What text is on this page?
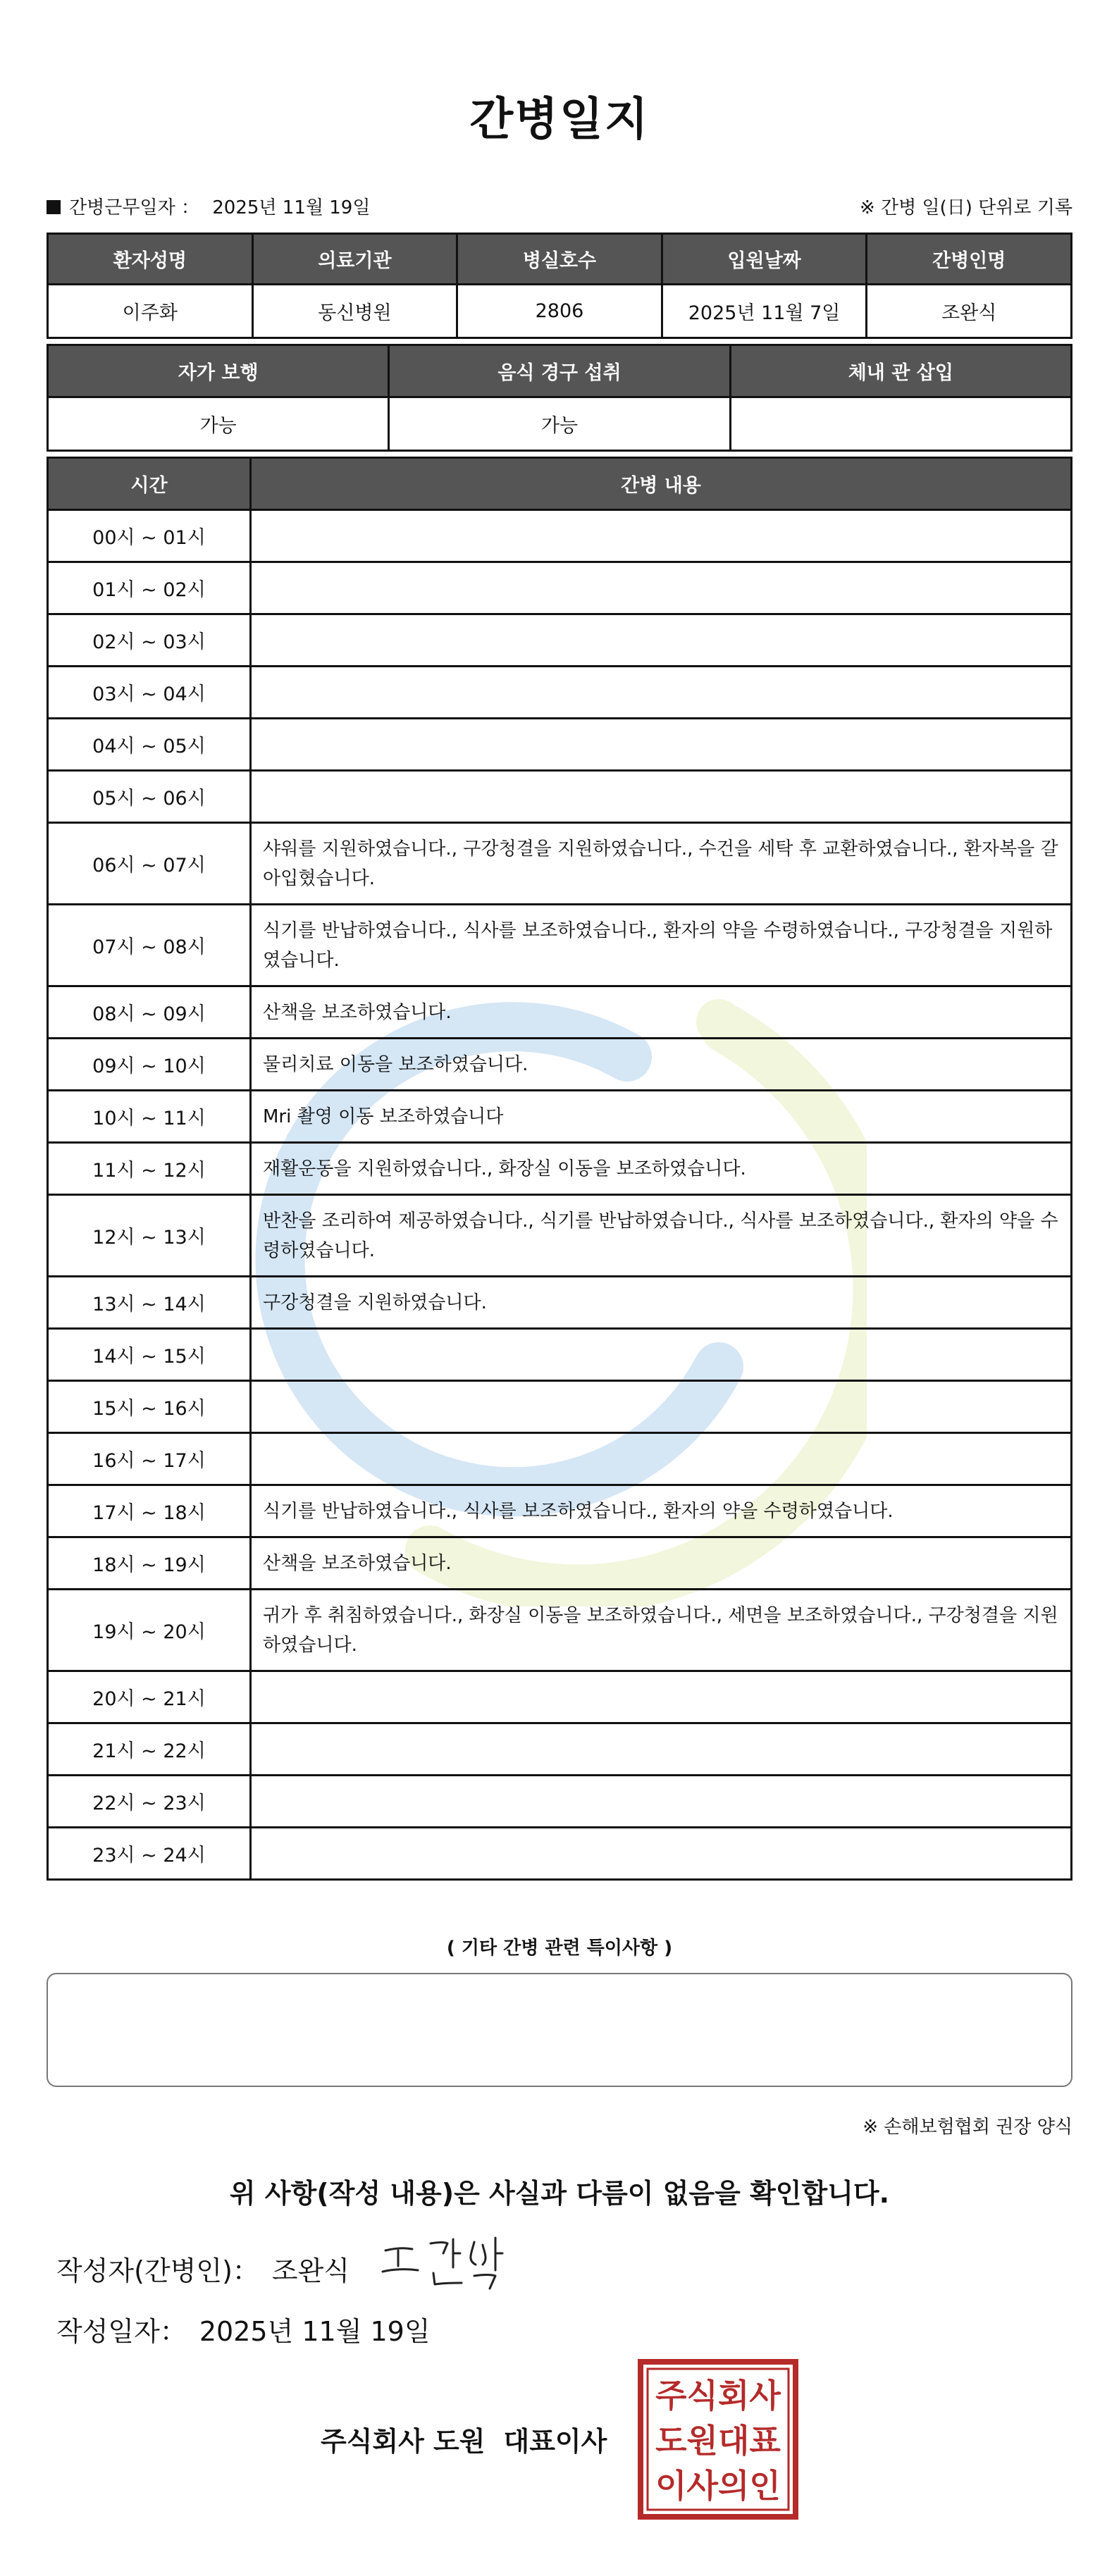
간병일지
간병근무일자 ： 2025년 11월 19일	※ 간병 일(日) 단위로 기록
환자성명	의료기관	병실호수	입원날짜	간병인명
이주화	동신병원	2806	2025년 11월 7일	조완식
자가 보행	음식 경구 섭취	체내 관 삽입
가능	가능	
시간	간병 내용
00시 ~ 01시	
01시 ~ 02시	
02시 ~ 03시	
03시 ~ 04시	
04시 ~ 05시	
05시 ~ 06시	
06시 ~ 07시	샤워를 지원하였습니다., 구강청결을 지원하였습니다., 수건을 세탁 후 교환하였습니다., 환자복을 갈아입혔습니다.
07시 ~ 08시	식기를 반납하였습니다., 식사를 보조하였습니다., 환자의 약을 수령하였습니다., 구강청결을 지원하였습니다.
08시 ~ 09시	산책을 보조하였습니다.
09시 ~ 10시	물리치료 이동을 보조하였습니다.
10시 ~ 11시	Mri 촬영 이동 보조하였습니다
11시 ~ 12시	재활운동을 지원하였습니다., 화장실 이동을 보조하였습니다.
12시 ~ 13시	반찬을 조리하여 제공하였습니다., 식기를 반납하였습니다., 식사를 보조하였습니다., 환자의 약을 수령하였습니다.
13시 ~ 14시	구강청결을 지원하였습니다.
14시 ~ 15시	
15시 ~ 16시	
16시 ~ 17시	
17시 ~ 18시	식기를 반납하였습니다., 식사를 보조하였습니다., 환자의 약을 수령하였습니다.
18시 ~ 19시	산책을 보조하였습니다.
19시 ~ 20시	귀가 후 취침하였습니다., 화장실 이동을 보조하였습니다., 세면을 보조하였습니다., 구강청결을 지원하였습니다.
20시 ~ 21시	
21시 ~ 22시	
22시 ~ 23시	
23시 ~ 24시	
( 기타 간병 관련 특이사항 )
※ 손해보험협회 권장 양식
위 사항(작성 내용)은 사실과 다름이 없음을 확인합니다.
작성자(간병인)： 조완식
작성일자： 2025년 11월 19일
주식회사 도원 대표이사
주식회사
도원대표
이사의인
